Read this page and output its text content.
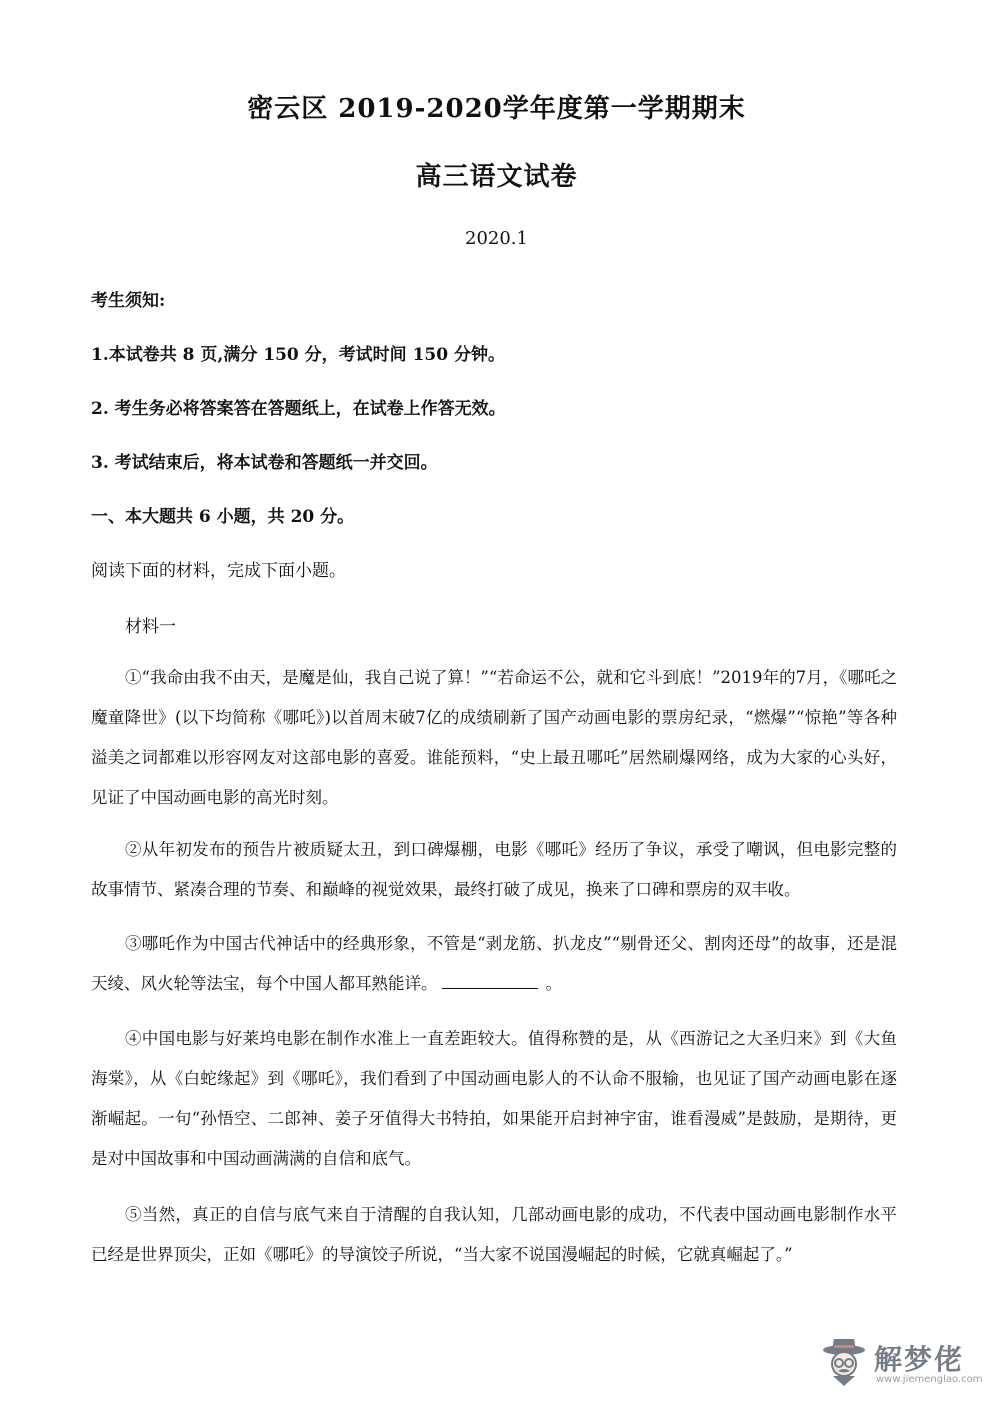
密云区 2019-2020学年度第一学期期末
高三语文试卷
2020.1
考生须知:
1.本试卷共 8 页,满分 150 分，考试时间 150 分钟。
2. 考生务必将答案答在答题纸上，在试卷上作答无效。
3. 考试结束后，将本试卷和答题纸一并交回。
一、本大题共 6 小题，共 20 分。
阅读下面的材料，完成下面小题。
材料一
①“我命由我不由天，是魔是仙，我自己说了算！”“若命运不公，就和它斗到底！”2019年的7月，《哪吒之魔童降世》(以下均简称《哪吒》)以首周末破7亿的成绩刷新了国产动画电影的票房纪录，“燃爆”“惊艳”等各种溢美之词都难以形容网友对这部电影的喜爱。谁能预料，“史上最丑哪吒”居然刷爆网络，成为大家的心头好，见证了中国动画电影的高光时刻。
②从年初发布的预告片被质疑太丑，到口碑爆棚，电影《哪吒》经历了争议，承受了嘲讽，但电影完整的故事情节、紧凑合理的节奏、和巅峰的视觉效果，最终打破了成见，换来了口碑和票房的双丰收。
③哪吒作为中国古代神话中的经典形象，不管是“剥龙筋、扒龙皮”“剔骨还父、割肉还母”的故事，还是混天绫、风火轮等法宝，每个中国人都耳熟能详。	。
④中国电影与好莱坞电影在制作水准上一直差距较大。值得称赞的是，从《西游记之大圣归来》到《大鱼海棠》，从《白蛇缘起》到《哪吒》，我们看到了中国动画电影人的不认命不服输，也见证了国产动画电影在逐渐崛起。一句“孙悟空、二郎神、姜子牙值得大书特拍，如果能开启封神宇宙，谁看漫威”是鼓励，是期待，更是对中国故事和中国动画满满的自信和底气。
⑤当然，真正的自信与底气来自于清醒的自我认知，几部动画电影的成功，不代表中国动画电影制作水平已经是世界顶尖，正如《哪吒》的导演饺子所说，“当大家不说国漫崛起的时候，它就真崛起了。”
解梦佬
www.jiemenglao.com
